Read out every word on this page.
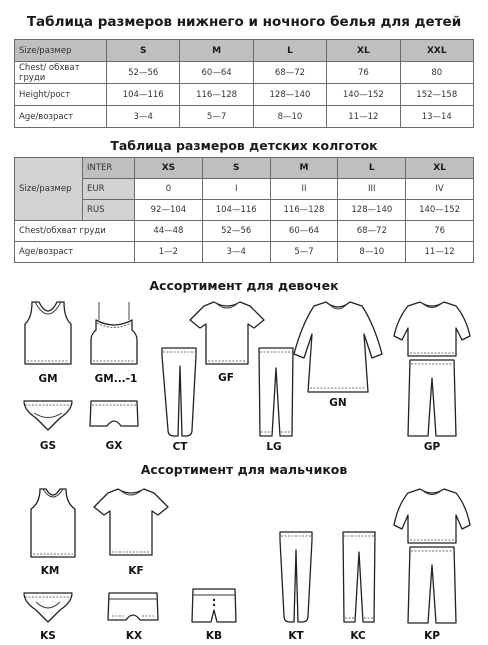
Таблица размеров нижнего и ночного белья для детей
Size/размер	S	M	L	XL	XXL
Chest/ обхват груди	52—56	60—64	68—72	76	80
Height/рост	104—116	116—128	128—140	140—152	152—158
Age/возраст	3—4	5—7	8—10	11—12	13—14
Таблица размеров детских колготок
Size/размер	INTER	XS	S	M	L	XL
	EUR	0	I	II	III	IV
	RUS	92—104	104—116	116—128	128—140	140—152
Chest/обхват груди		44—48	52—56	60—64	68—72	76
Age/возраст		1—2	3—4	5—7	8—10	11—12
Ассортимент для девочек
GM	GM...-1
GS	GX
GF
CT	LG
GN
GP
Ассортимент для мальчиков
KM	KF
KS	KX	KB	KT	KC	KP
